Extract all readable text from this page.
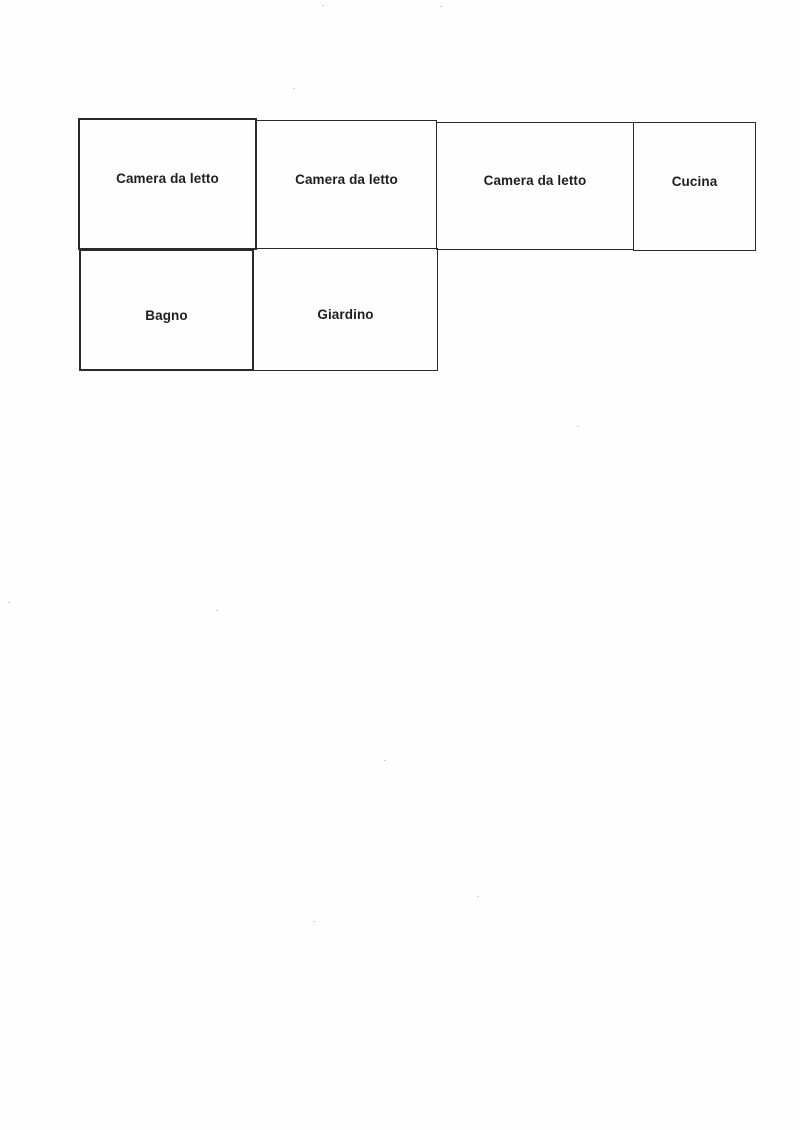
Camera da letto	Camera da letto	Camera da letto	Cucina
Bagno	Giardino
